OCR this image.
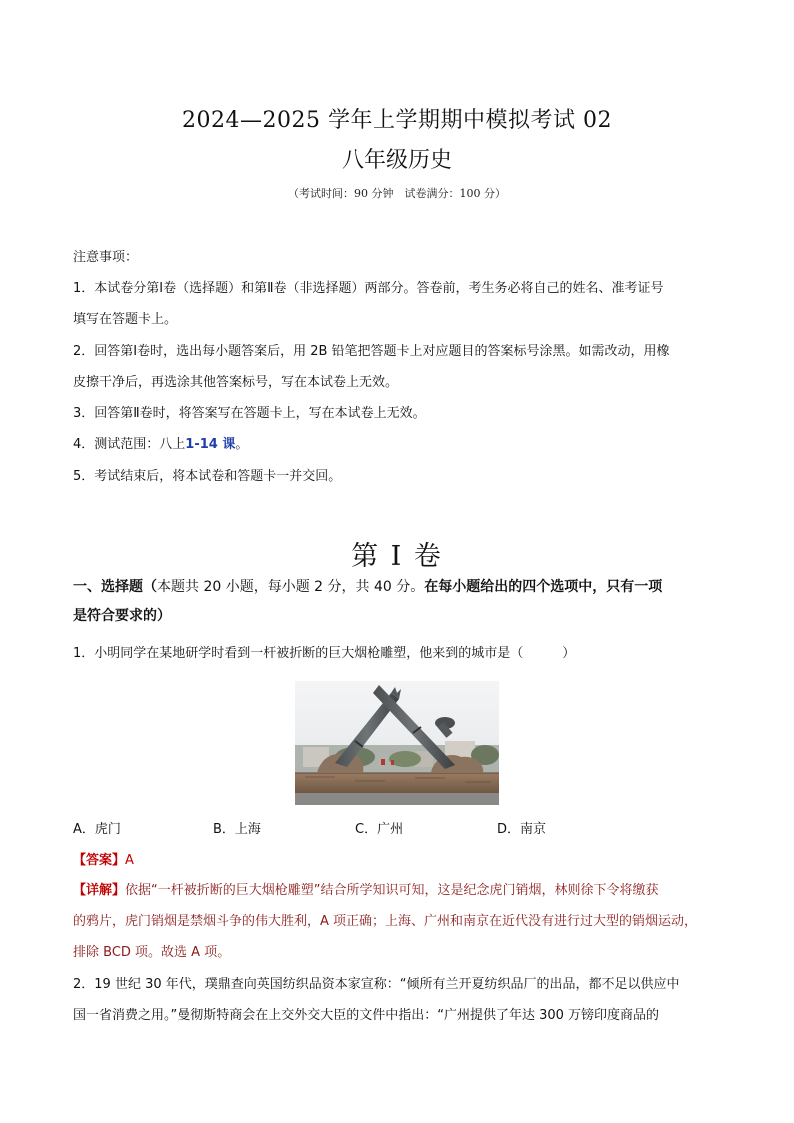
2024—2025 学年上学期期中模拟考试 02
八年级历史
（考试时间：90 分钟　试卷满分：100 分）
注意事项：
1．本试卷分第Ⅰ卷（选择题）和第Ⅱ卷（非选择题）两部分。答卷前，考生务必将自己的姓名、准考证号
填写在答题卡上。
2．回答第Ⅰ卷时，选出每小题答案后，用 2B 铅笔把答题卡上对应题目的答案标号涂黑。如需改动，用橡
皮擦干净后，再选涂其他答案标号，写在本试卷上无效。
3．回答第Ⅱ卷时，将答案写在答题卡上，写在本试卷上无效。
4．测试范围：八上1-14 课。
5．考试结束后，将本试卷和答题卡一并交回。
第 I 卷
一、选择题（本题共 20 小题，每小题 2 分，共 40 分。在每小题给出的四个选项中，只有一项
是符合要求的）
1．小明同学在某地研学时看到一杆被折断的巨大烟枪雕塑，他来到的城市是（　　　）
A．虎门	B．上海	C．广州	D．南京
【答案】A
【详解】依据“一杆被折断的巨大烟枪雕塑”结合所学知识可知，这是纪念虎门销烟，林则徐下令将缴获
的鸦片，虎门销烟是禁烟斗争的伟大胜利，A 项正确；上海、广州和南京在近代没有进行过大型的销烟运动，
排除 BCD 项。故选 A 项。
2．19 世纪 30 年代，璞鼎查向英国纺织品资本家宣称：“倾所有兰开夏纺织品厂的出品，都不足以供应中
国一省消费之用。”曼彻斯特商会在上交外交大臣的文件中指出：“广州提供了年达 300 万镑印度商品的
